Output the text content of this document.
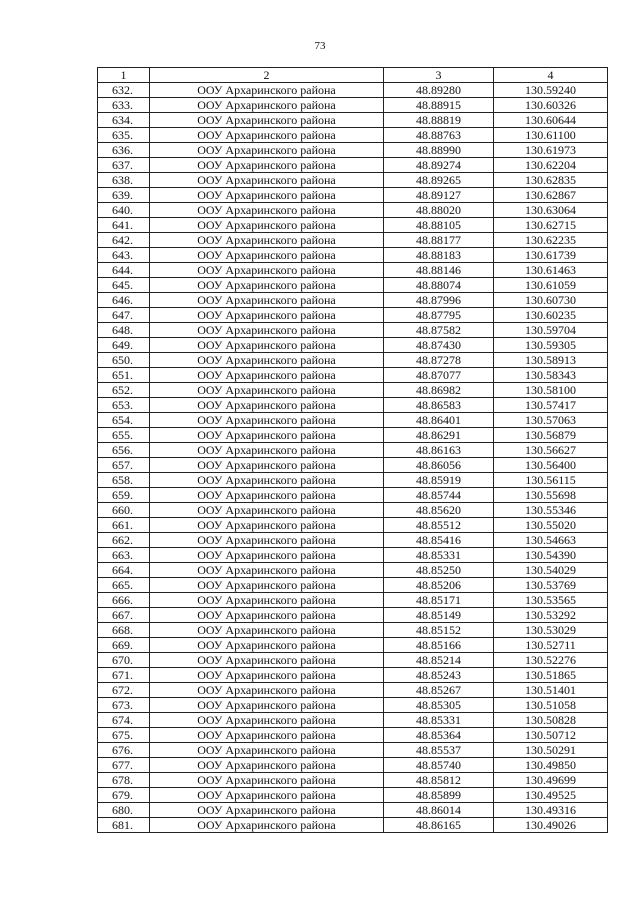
73
1	2	3	4
632.	ООУ Архаринского района	48.89280	130.59240
633.	ООУ Архаринского района	48.88915	130.60326
634.	ООУ Архаринского района	48.88819	130.60644
635.	ООУ Архаринского района	48.88763	130.61100
636.	ООУ Архаринского района	48.88990	130.61973
637.	ООУ Архаринского района	48.89274	130.62204
638.	ООУ Архаринского района	48.89265	130.62835
639.	ООУ Архаринского района	48.89127	130.62867
640.	ООУ Архаринского района	48.88020	130.63064
641.	ООУ Архаринского района	48.88105	130.62715
642.	ООУ Архаринского района	48.88177	130.62235
643.	ООУ Архаринского района	48.88183	130.61739
644.	ООУ Архаринского района	48.88146	130.61463
645.	ООУ Архаринского района	48.88074	130.61059
646.	ООУ Архаринского района	48.87996	130.60730
647.	ООУ Архаринского района	48.87795	130.60235
648.	ООУ Архаринского района	48.87582	130.59704
649.	ООУ Архаринского района	48.87430	130.59305
650.	ООУ Архаринского района	48.87278	130.58913
651.	ООУ Архаринского района	48.87077	130.58343
652.	ООУ Архаринского района	48.86982	130.58100
653.	ООУ Архаринского района	48.86583	130.57417
654.	ООУ Архаринского района	48.86401	130.57063
655.	ООУ Архаринского района	48.86291	130.56879
656.	ООУ Архаринского района	48.86163	130.56627
657.	ООУ Архаринского района	48.86056	130.56400
658.	ООУ Архаринского района	48.85919	130.56115
659.	ООУ Архаринского района	48.85744	130.55698
660.	ООУ Архаринского района	48.85620	130.55346
661.	ООУ Архаринского района	48.85512	130.55020
662.	ООУ Архаринского района	48.85416	130.54663
663.	ООУ Архаринского района	48.85331	130.54390
664.	ООУ Архаринского района	48.85250	130.54029
665.	ООУ Архаринского района	48.85206	130.53769
666.	ООУ Архаринского района	48.85171	130.53565
667.	ООУ Архаринского района	48.85149	130.53292
668.	ООУ Архаринского района	48.85152	130.53029
669.	ООУ Архаринского района	48.85166	130.52711
670.	ООУ Архаринского района	48.85214	130.52276
671.	ООУ Архаринского района	48.85243	130.51865
672.	ООУ Архаринского района	48.85267	130.51401
673.	ООУ Архаринского района	48.85305	130.51058
674.	ООУ Архаринского района	48.85331	130.50828
675.	ООУ Архаринского района	48.85364	130.50712
676.	ООУ Архаринского района	48.85537	130.50291
677.	ООУ Архаринского района	48.85740	130.49850
678.	ООУ Архаринского района	48.85812	130.49699
679.	ООУ Архаринского района	48.85899	130.49525
680.	ООУ Архаринского района	48.86014	130.49316
681.	ООУ Архаринского района	48.86165	130.49026
